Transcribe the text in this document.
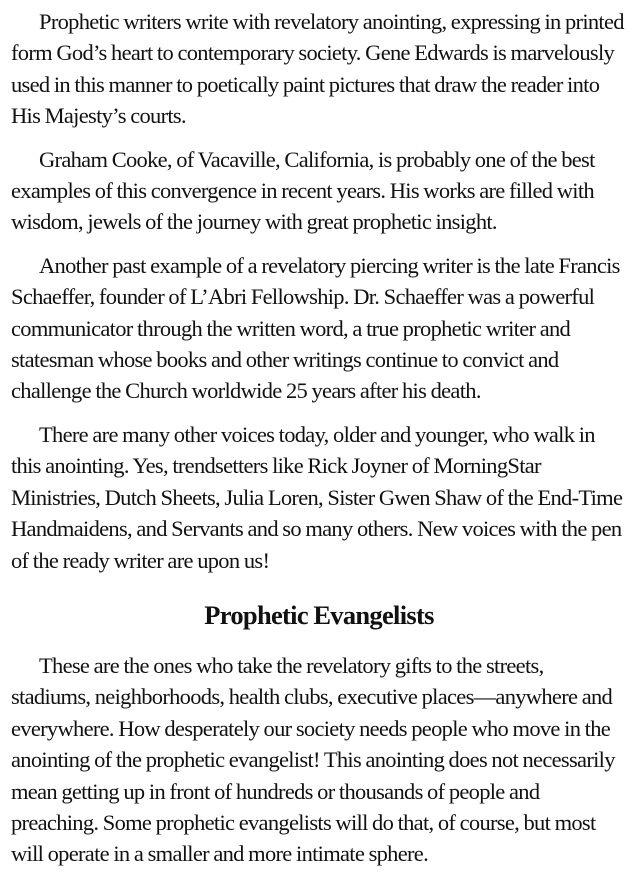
Prophetic writers write with revelatory anointing, expressing in printed form God’s heart to contemporary society. Gene Edwards is marvelously used in this manner to poetically paint pictures that draw the reader into His Majesty’s courts.

Graham Cooke, of Vacaville, California, is probably one of the best examples of this convergence in recent years. His works are filled with wisdom, jewels of the journey with great prophetic insight.

Another past example of a revelatory piercing writer is the late Francis Schaeffer, founder of L’Abri Fellowship. Dr. Schaeffer was a powerful communicator through the written word, a true prophetic writer and statesman whose books and other writings continue to convict and challenge the Church worldwide 25 years after his death.

There are many other voices today, older and younger, who walk in this anointing. Yes, trendsetters like Rick Joyner of MorningStar Ministries, Dutch Sheets, Julia Loren, Sister Gwen Shaw of the End-Time Handmaidens, and Servants and so many others. New voices with the pen of the ready writer are upon us!

Prophetic Evangelists

These are the ones who take the revelatory gifts to the streets, stadiums, neighborhoods, health clubs, executive places—anywhere and everywhere. How desperately our society needs people who move in the anointing of the prophetic evangelist! This anointing does not necessarily mean getting up in front of hundreds or thousands of people and preaching. Some prophetic evangelists will do that, of course, but most will operate in a smaller and more intimate sphere.
